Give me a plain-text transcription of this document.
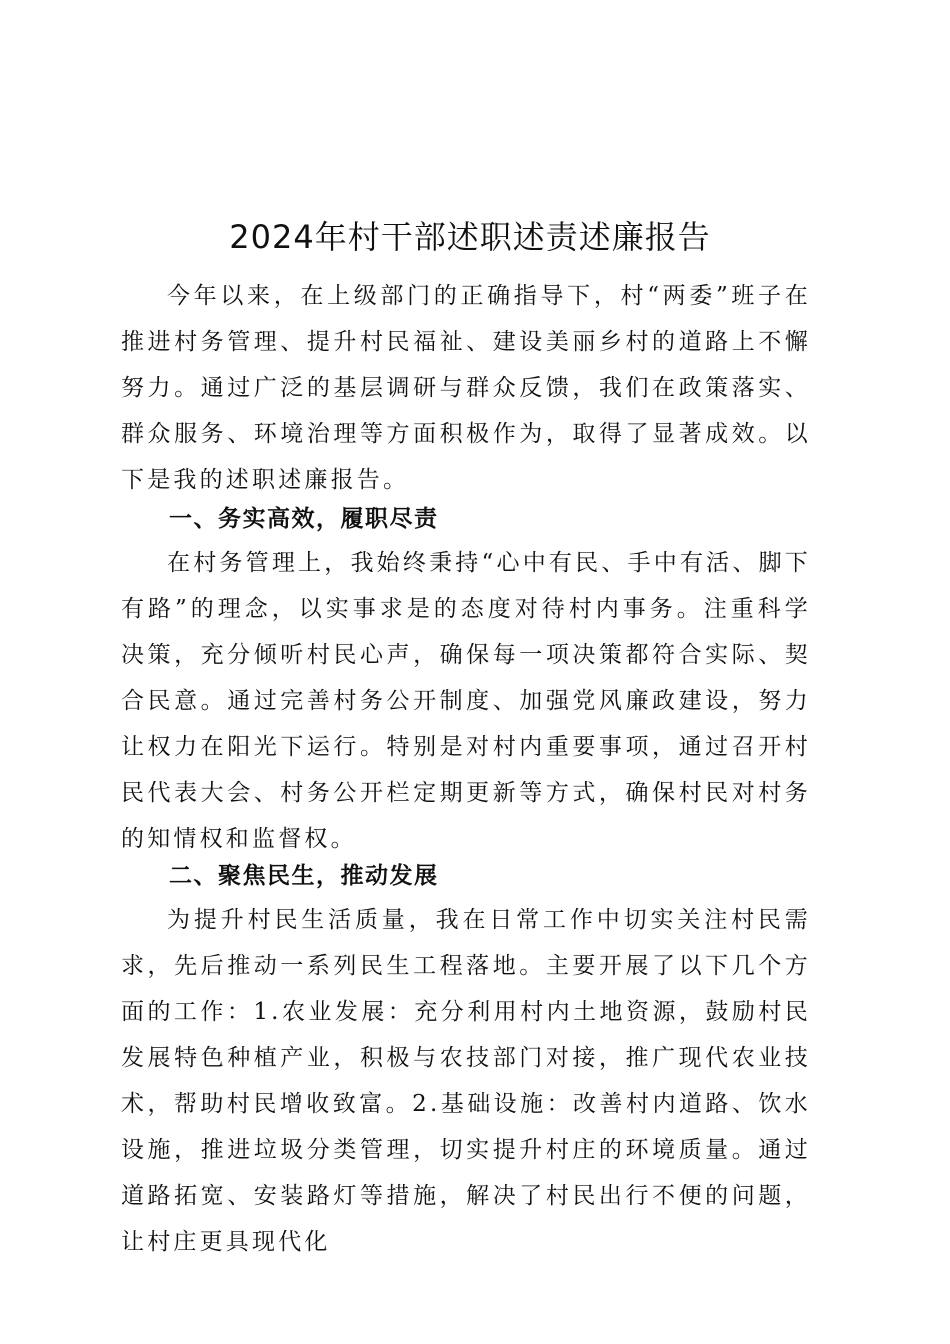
2024年村干部述职述责述廉报告

今年以来，在上级部门的正确指导下，村“两委”班子在推进村务管理、提升村民福祉、建设美丽乡村的道路上不懈努力。通过广泛的基层调研与群众反馈，我们在政策落实、群众服务、环境治理等方面积极作为，取得了显著成效。以下是我的述职述廉报告。

一、务实高效，履职尽责

在村务管理上，我始终秉持“心中有民、手中有活、脚下有路”的理念，以实事求是的态度对待村内事务。注重科学决策，充分倾听村民心声，确保每一项决策都符合实际、契合民意。通过完善村务公开制度、加强党风廉政建设，努力让权力在阳光下运行。特别是对村内重要事项，通过召开村民代表大会、村务公开栏定期更新等方式，确保村民对村务的知情权和监督权。

二、聚焦民生，推动发展

为提升村民生活质量，我在日常工作中切实关注村民需求，先后推动一系列民生工程落地。主要开展了以下几个方面的工作：1.农业发展：充分利用村内土地资源，鼓励村民发展特色种植产业，积极与农技部门对接，推广现代农业技术，帮助村民增收致富。2.基础设施：改善村内道路、饮水设施，推进垃圾分类管理，切实提升村庄的环境质量。通过道路拓宽、安装路灯等措施，解决了村民出行不便的问题，让村庄更具现代化
